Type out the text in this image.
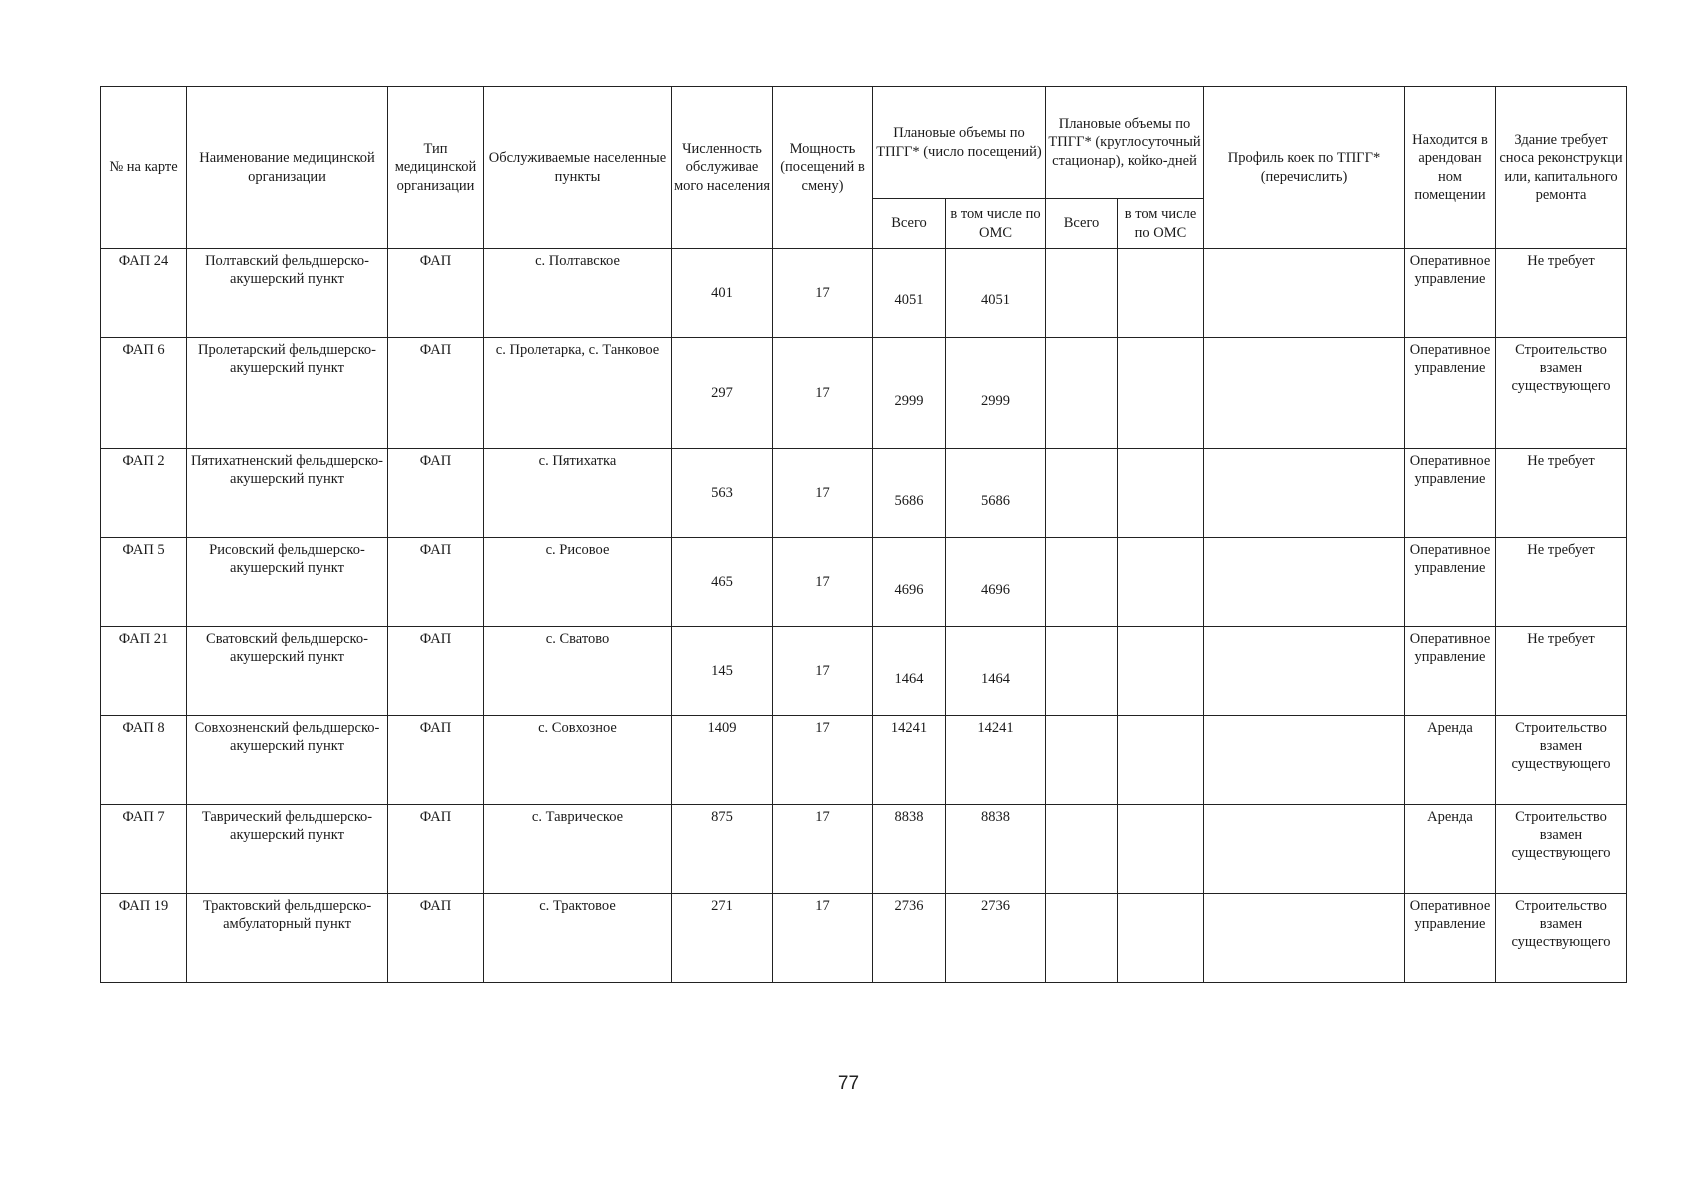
№ на карте	Наименование медицинской организации	Тип медицинской организации	Обслуживаемые населенные пункты	Численность обслуживае мого населения	Мощность (посещений в смену)	Плановые объемы по ТПГГ* (число посещений)		Плановые объемы по ТПГГ* (круглосуточный стационар), койко-дней		Профиль коек по ТПГГ* (перечислить)	Находится в арендован ном помещении	Здание требует сноса реконструкци или, капитального ремонта
						Всего	в том числе по ОМС	Всего	в том числе по ОМС			
ФАП 24	Полтавский фельдшерско-акушерский пункт	ФАП	с. Полтавское	401	17	4051	4051				Оперативное управление	Не требует
ФАП 6	Пролетарский фельдшерско-акушерский пункт	ФАП	с. Пролетарка, с. Танковое	297	17	2999	2999				Оперативное управление	Строительство взамен существующего
ФАП 2	Пятихатненский фельдшерско-акушерский пункт	ФАП	с. Пятихатка	563	17	5686	5686				Оперативное управление	Не требует
ФАП 5	Рисовский фельдшерско-акушерский пункт	ФАП	с. Рисовое	465	17	4696	4696				Оперативное управление	Не требует
ФАП 21	Сватовский фельдшерско-акушерский пункт	ФАП	с. Сватово	145	17	1464	1464				Оперативное управление	Не требует
ФАП 8	Совхозненский фельдшерско-акушерский пункт	ФАП	с. Совхозное	1409	17	14241	14241				Аренда	Строительство взамен существующего
ФАП 7	Таврический фельдшерско-акушерский пункт	ФАП	с. Таврическое	875	17	8838	8838				Аренда	Строительство взамен существующего
ФАП 19	Трактовский фельдшерско-амбулаторный пункт	ФАП	с. Трактовое	271	17	2736	2736				Оперативное управление	Строительство взамен существующего
77
